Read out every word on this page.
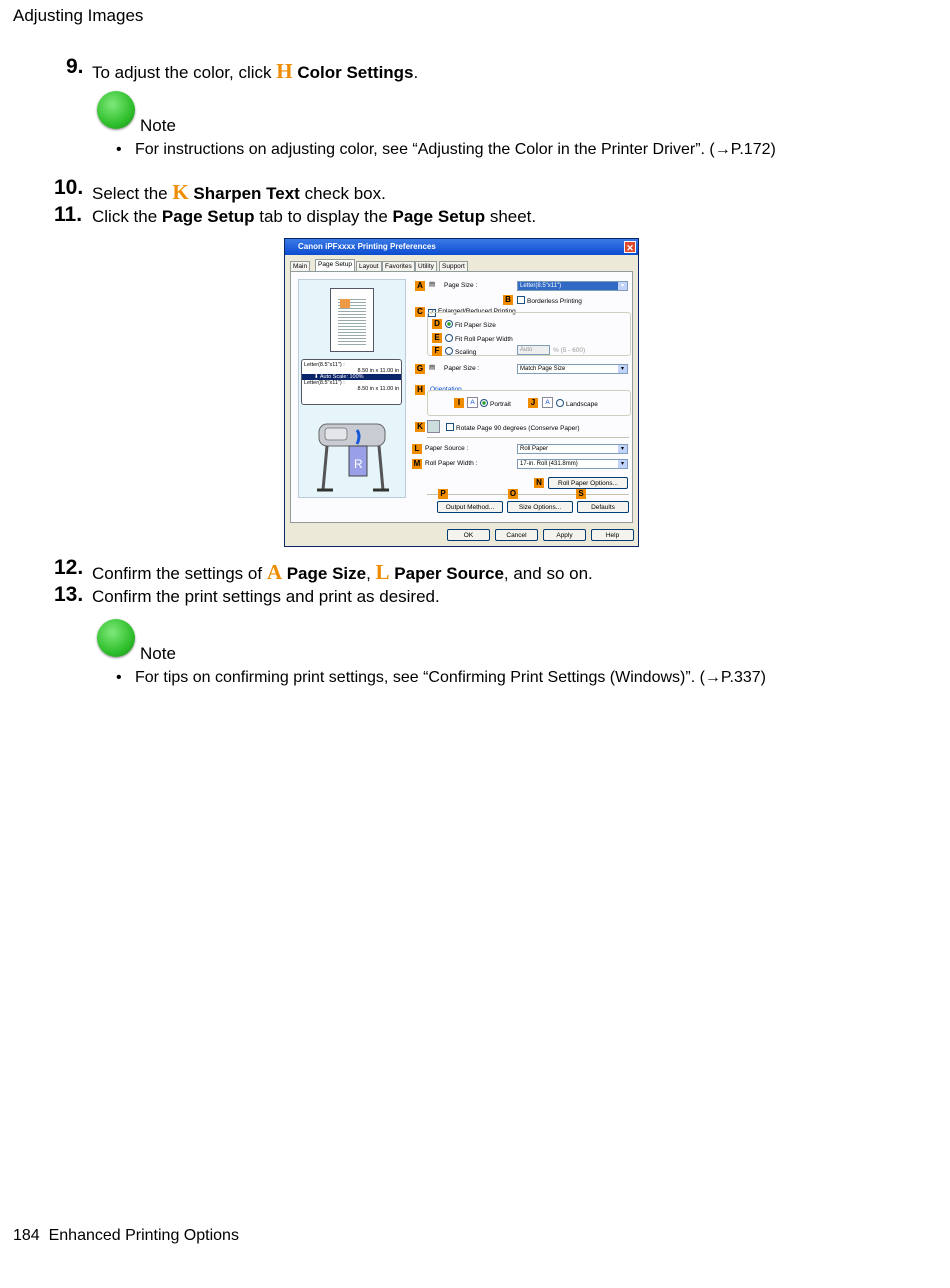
Adjusting Images
9. To adjust the color, click H Color Settings.
Note
•   For instructions on adjusting color, see “Adjusting the Color in the Printer Driver”. (→P.172)
10. Select the K Sharpen Text check box.
11. Click the Page Setup tab to display the Page Setup sheet.
Canon iPFxxxx Printing Preferences	✕
Main	Page Setup	Layout Favorites Utility	Support
Letter(8.5"x11") :
8.50 in x 11.00 in
⬇ Auto Scale: 100%
Letter(8.5"x11") :
8.50 in x 11.00 in
R
A ▤ Page Size :	Letter(8.5"x11")	▾
B	Borderless Printing
C	✓ Enlarged/Reduced Printing
D	Fit Paper Size
E	Fit Roll Paper Width
F	Scaling	Auto	% (5 - 600)
G ▤ Paper Size :	Match Page Size	▾
H	Orientation
I	A	Portrait	J	A	Landscape
K	Rotate Page 90 degrees (Conserve Paper)
L Paper Source :	Roll Paper	▾
M Roll Paper Width :	17-in. Roll (431.8mm)	▾
N	Roll Paper Options...
P	O	S
Output Method...	Size Options...	Defaults
OK	Cancel	Apply	Help
12. Confirm the settings of A Page Size, L Paper Source, and so on.
13. Confirm the print settings and print as desired.
Note
•   For tips on confirming print settings, see “Confirming Print Settings (Windows)”. (→P.337)
184 Enhanced Printing Options
